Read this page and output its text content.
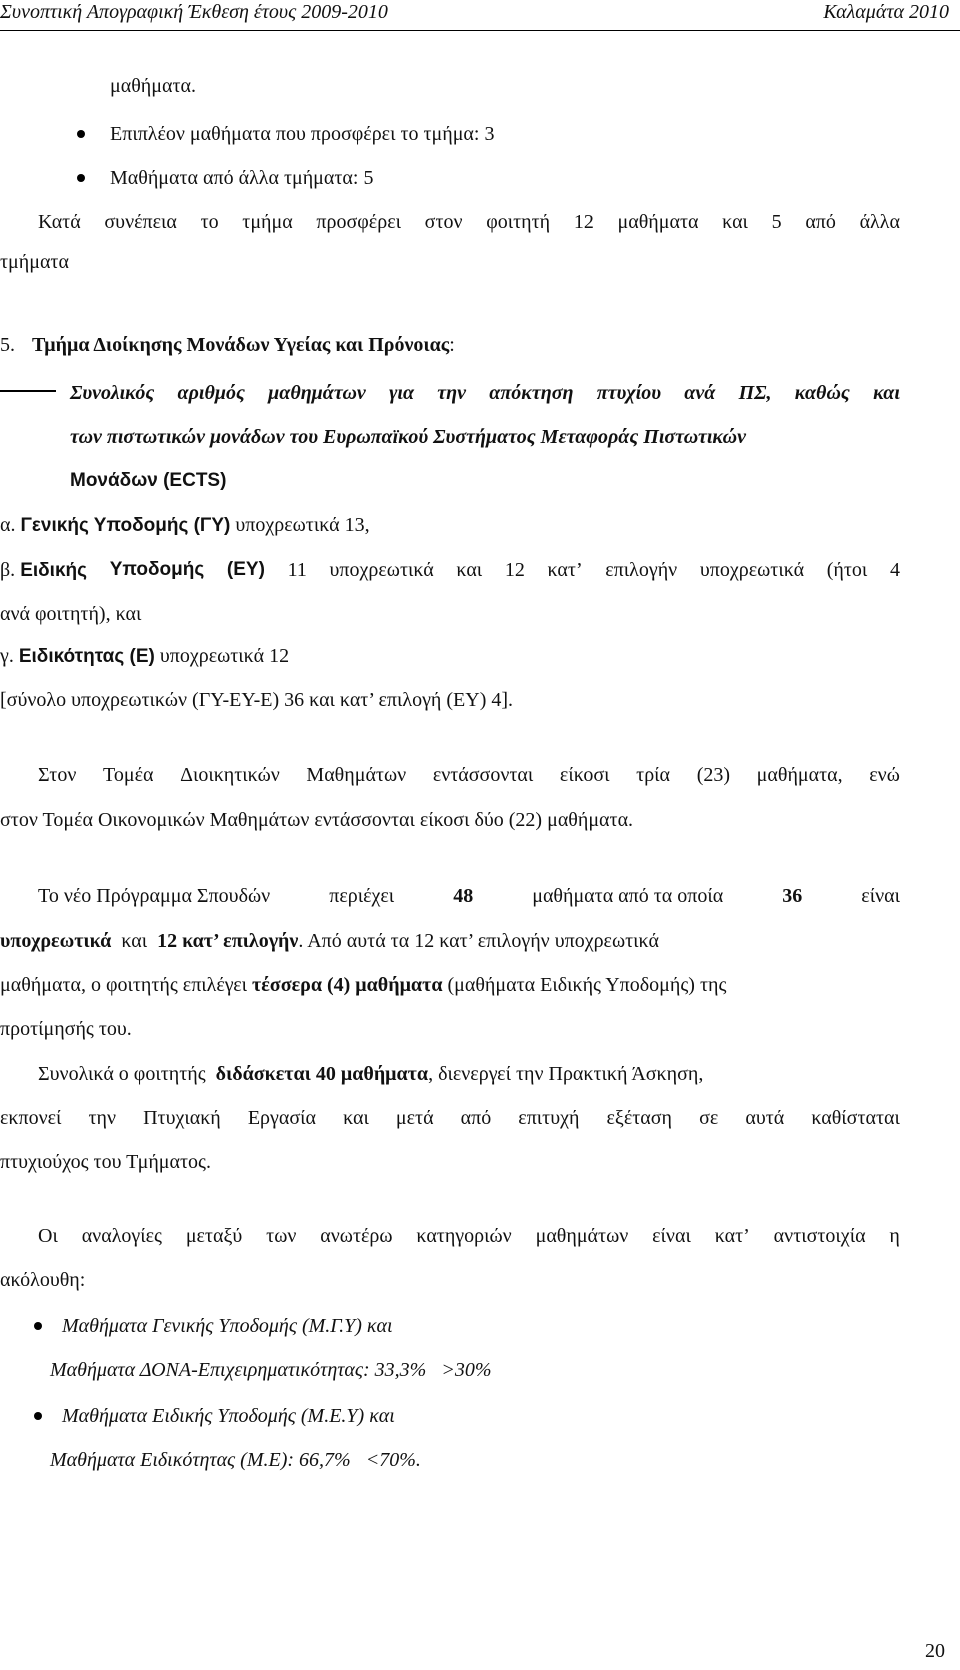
Συνοπτική Απογραφική Έκθεση έτους 2009-2010	Καλαμάτα 2010
μαθήματα.
Επιπλέον μαθήματα που προσφέρει το τμήμα: 3
Μαθήματα από άλλα τμήματα: 5
Κατά συνέπεια το τμήμα προσφέρει στον φοιτητή 12 μαθήματα και 5 από άλλα
τμήματα
5. Τμήμα Διοίκησης Μονάδων Υγείας και Πρόνοιας:
Συνολικός αριθμός μαθημάτων για την απόκτηση πτυχίου ανά ΠΣ, καθώς και
των πιστωτικών μονάδων του Ευρωπαϊκού Συστήματος Μεταφοράς Πιστωτικών
Μονάδων (ECTS)
α. Γενικής Υποδομής (ΓΥ) υποχρεωτικά 13,
β. Ειδικής Υποδομής (ΕΥ) 11 υποχρεωτικά και 12 κατ’ επιλογήν υποχρεωτικά (ήτοι 4
ανά φοιτητή), και
γ. Ειδικότητας (Ε) υποχρεωτικά 12
[σύνολο υποχρεωτικών (ΓΥ-ΕΥ-Ε) 36 και κατ’ επιλογή (ΕΥ) 4].
Στον Τομέα Διοικητικών Μαθημάτων εντάσσονται είκοσι τρία (23) μαθήματα, ενώ
στον Τομέα Οικονομικών Μαθημάτων εντάσσονται είκοσι δύο (22) μαθήματα.
Το νέο Πρόγραμμα Σπουδών	περιέχει	48	μαθήματα από τα οποία	36	είναι
υποχρεωτικά και 12 κατ’ επιλογήν. Από αυτά τα 12 κατ’ επιλογήν υποχρεωτικά
μαθήματα, ο φοιτητής επιλέγει τέσσερα (4) μαθήματα (μαθήματα Ειδικής Υποδομής) της
προτίμησής του.
Συνολικά ο φοιτητής διδάσκεται 40 μαθήματα, διενεργεί την Πρακτική Άσκηση,
εκπονεί την Πτυχιακή Εργασία και μετά από επιτυχή εξέταση σε αυτά καθίσταται
πτυχιούχος του Τμήματος.
Οι αναλογίες μεταξύ των ανωτέρω κατηγοριών μαθημάτων είναι κατ’ αντιστοιχία η
ακόλουθη:
Μαθήματα Γενικής Υποδομής (Μ.Γ.Υ) και
Μαθήματα ΔΟΝΑ-Επιχειρηματικότητας: 33,3%   >30%
Μαθήματα Ειδικής Υποδομής (Μ.Ε.Υ) και
Μαθήματα Ειδικότητας (Μ.Ε): 66,7%   <70%.
20
